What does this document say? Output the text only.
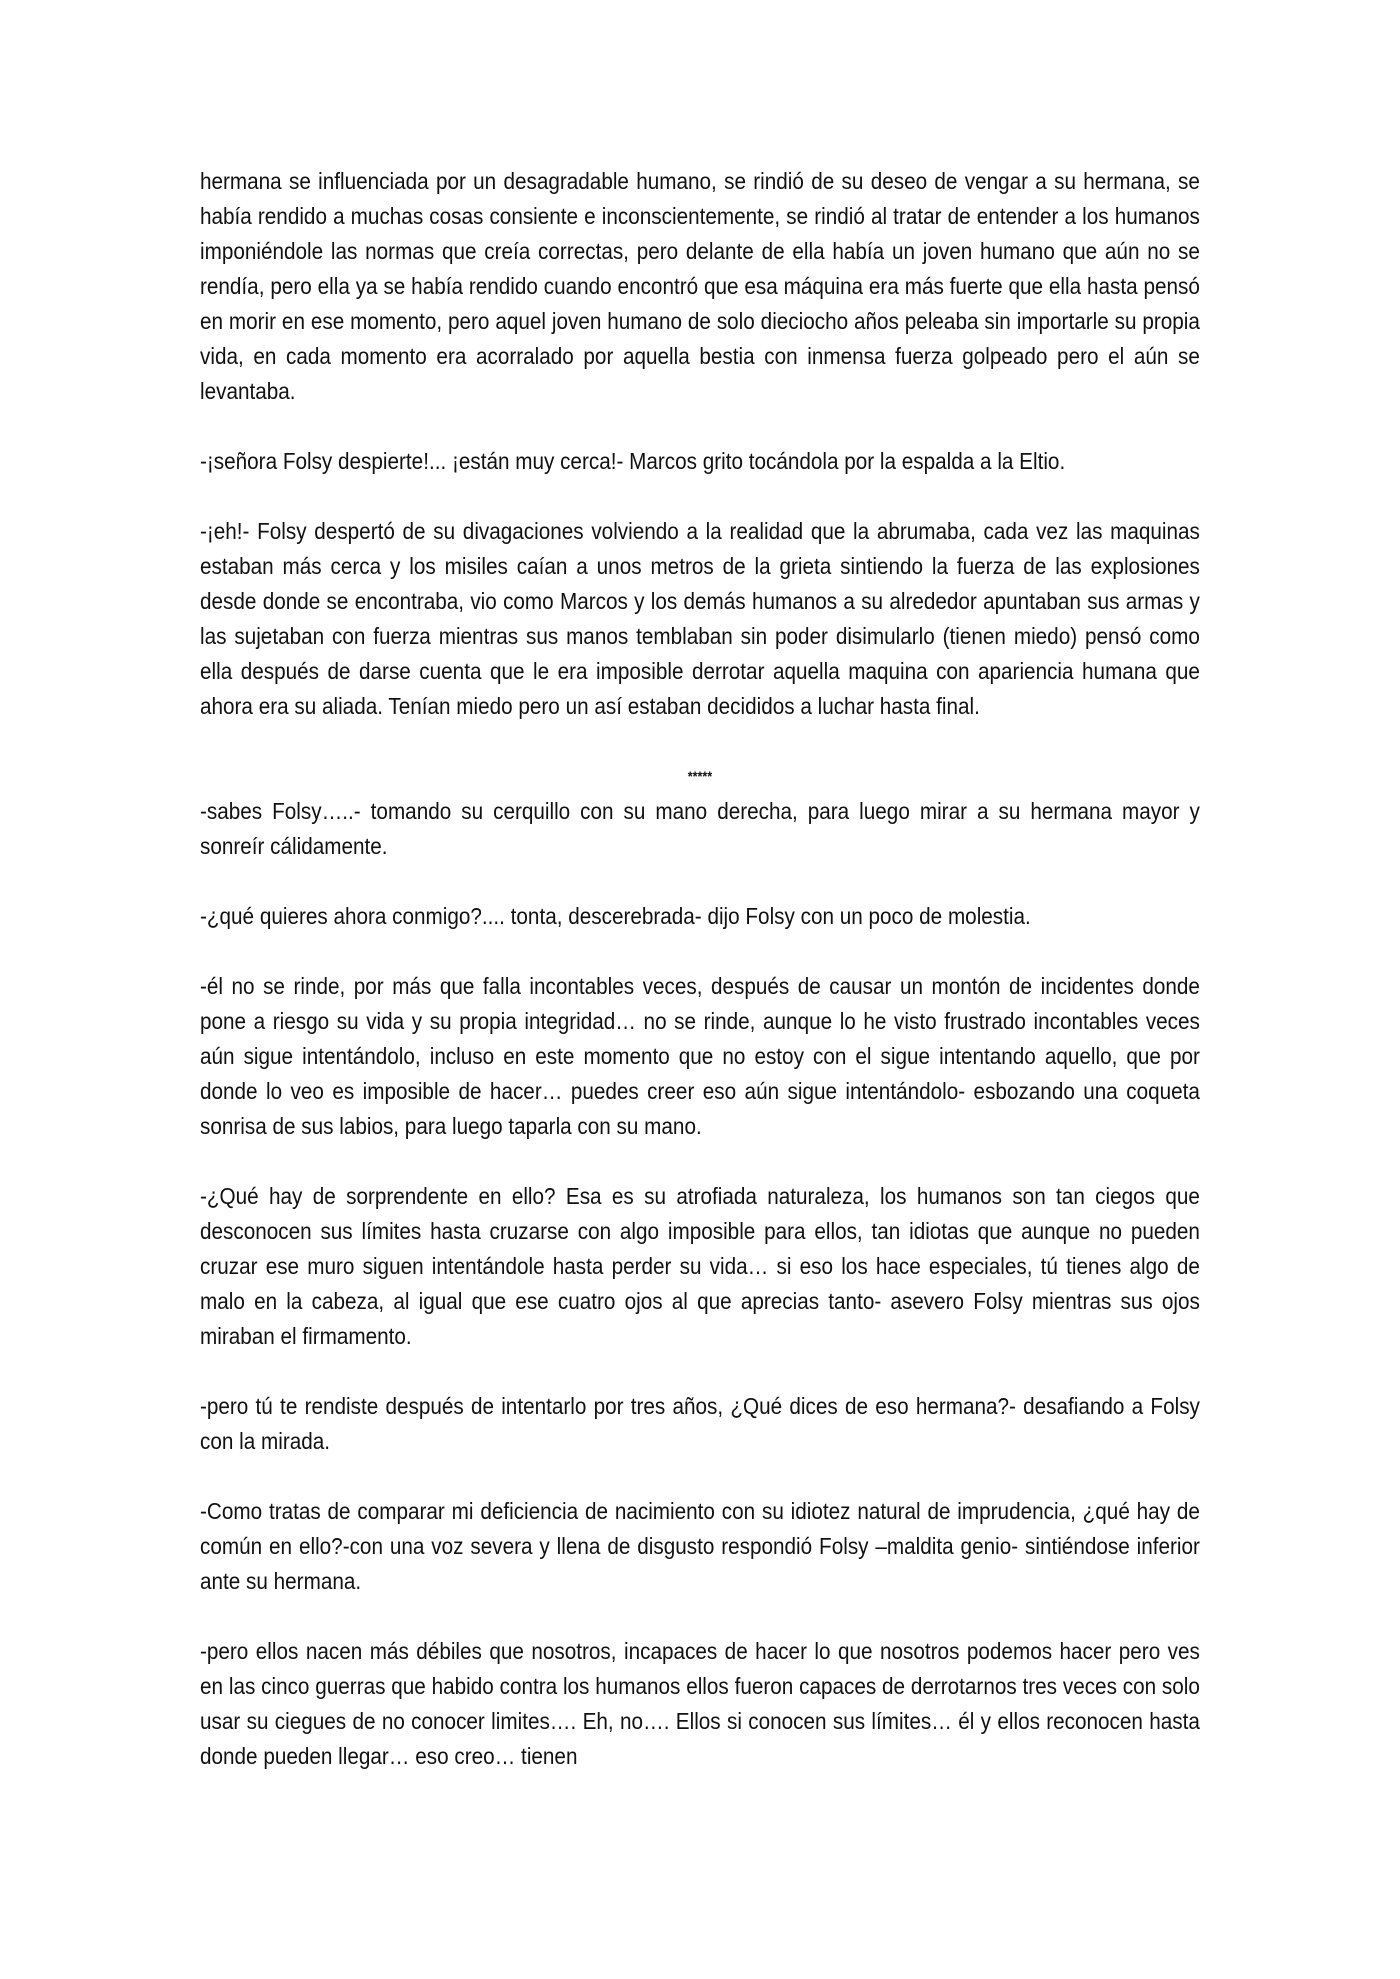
hermana se influenciada por un desagradable humano, se rindió de su deseo de vengar a su hermana, se había rendido a muchas cosas consiente e inconscientemente, se rindió al tratar de entender a los humanos imponiéndole las normas que creía correctas, pero delante de ella había un joven humano que aún no se rendía, pero ella ya se había rendido cuando encontró que esa máquina era más fuerte que ella hasta pensó en morir en ese momento, pero aquel joven humano de solo dieciocho años peleaba sin importarle su propia vida, en cada momento era acorralado por aquella bestia con inmensa fuerza golpeado pero el aún se levantaba.

-¡señora Folsy despierte!... ¡están muy cerca!- Marcos grito tocándola por la espalda a la Eltio.

-¡eh!- Folsy despertó de su divagaciones volviendo a la realidad que la abrumaba, cada vez las maquinas estaban más cerca y los misiles caían a unos metros de la grieta sintiendo la fuerza de las explosiones desde donde se encontraba, vio como Marcos y los demás humanos a su alrededor apuntaban sus armas y las sujetaban con fuerza mientras sus manos temblaban sin poder disimularlo (tienen miedo) pensó como ella después de darse cuenta que le era imposible derrotar aquella maquina con apariencia humana que ahora era su aliada. Tenían miedo pero un así estaban decididos a luchar hasta final.

*****

-sabes Folsy…..- tomando su cerquillo con su mano derecha, para luego mirar a su hermana mayor y sonreír cálidamente.

-¿qué quieres ahora conmigo?.... tonta, descerebrada- dijo Folsy con un poco de molestia.

-él no se rinde, por más que falla incontables veces, después de causar un montón de incidentes donde pone a riesgo su vida y su propia integridad… no se rinde, aunque lo he visto frustrado incontables veces aún sigue intentándolo, incluso en este momento que no estoy con el sigue intentando aquello, que por donde lo veo es imposible de hacer… puedes creer eso aún sigue intentándolo- esbozando una coqueta sonrisa de sus labios, para luego taparla con su mano.

-¿Qué hay de sorprendente en ello? Esa es su atrofiada naturaleza, los humanos son tan ciegos que desconocen sus límites hasta cruzarse con algo imposible para ellos, tan idiotas que aunque no pueden cruzar ese muro siguen intentándole hasta perder su vida… si eso los hace especiales, tú tienes algo de malo en la cabeza, al igual que ese cuatro ojos al que aprecias tanto- asevero Folsy mientras sus ojos miraban el firmamento.

-pero tú te rendiste después de intentarlo por tres años, ¿Qué dices de eso hermana?- desafiando a Folsy con la mirada.

-Como tratas de comparar mi deficiencia de nacimiento con su idiotez natural de imprudencia, ¿qué hay de común en ello?-con una voz severa y llena de disgusto respondió Folsy –maldita genio- sintiéndose inferior ante su hermana.

-pero ellos nacen más débiles que nosotros, incapaces de hacer lo que nosotros podemos hacer pero ves en las cinco guerras que habido contra los humanos ellos fueron capaces de derrotarnos tres veces con solo usar su ciegues de no conocer limites…. Eh, no…. Ellos si conocen sus límites… él y ellos reconocen hasta donde pueden llegar… eso creo… tienen
